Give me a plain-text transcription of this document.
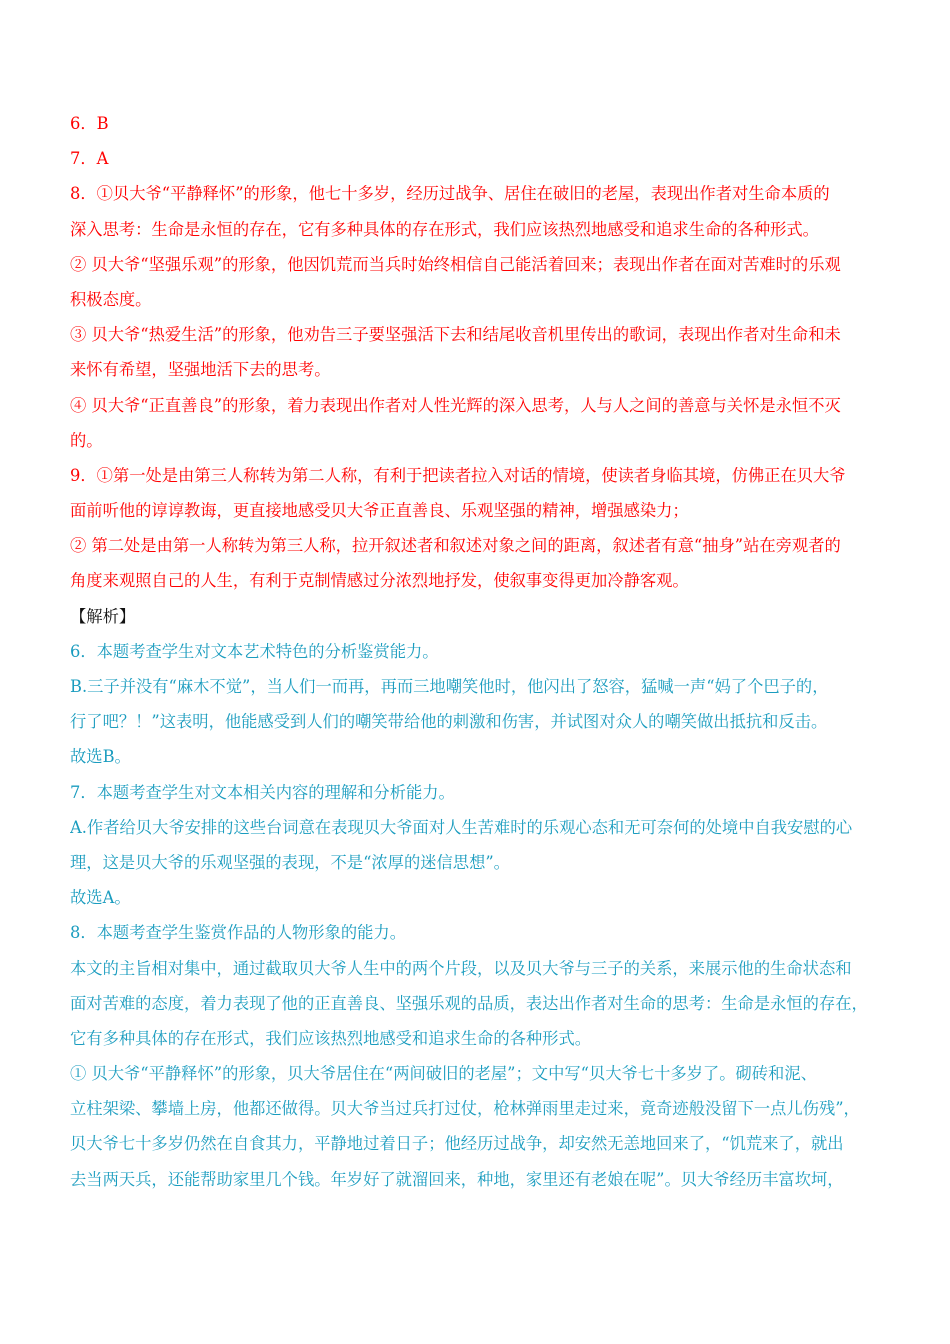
6．B
7．A
8．①贝大爷“平静释怀”的形象，他七十多岁，经历过战争、居住在破旧的老屋，表现出作者对生命本质的
深入思考：生命是永恒的存在，它有多种具体的存在形式，我们应该热烈地感受和追求生命的各种形式。
② 贝大爷“坚强乐观”的形象，他因饥荒而当兵时始终相信自己能活着回来；表现出作者在面对苦难时的乐观
积极态度。
③ 贝大爷“热爱生活”的形象，他劝告三子要坚强活下去和结尾收音机里传出的歌词，表现出作者对生命和未
来怀有希望，坚强地活下去的思考。
④ 贝大爷“正直善良”的形象，着力表现出作者对人性光辉的深入思考，人与人之间的善意与关怀是永恒不灭
的。
9．①第一处是由第三人称转为第二人称，有利于把读者拉入对话的情境，使读者身临其境，仿佛正在贝大爷
面前听他的谆谆教诲，更直接地感受贝大爷正直善良、乐观坚强的精神，增强感染力；
② 第二处是由第一人称转为第三人称，拉开叙述者和叙述对象之间的距离，叙述者有意“抽身”站在旁观者的
角度来观照自己的人生，有利于克制情感过分浓烈地抒发，使叙事变得更加冷静客观。
【解析】
6．本题考查学生对文本艺术特色的分析鉴赏能力。
B.三子并没有“麻木不觉”，当人们一而再，再而三地嘲笑他时，他闪出了怒容，猛喊一声“妈了个巴子的，
行了吧？！”这表明，他能感受到人们的嘲笑带给他的刺激和伤害，并试图对众人的嘲笑做出抵抗和反击。
故选B。
7．本题考查学生对文本相关内容的理解和分析能力。
A.作者给贝大爷安排的这些台词意在表现贝大爷面对人生苦难时的乐观心态和无可奈何的处境中自我安慰的心
理，这是贝大爷的乐观坚强的表现，不是“浓厚的迷信思想”。
故选A。
8．本题考查学生鉴赏作品的人物形象的能力。
本文的主旨相对集中，通过截取贝大爷人生中的两个片段，以及贝大爷与三子的关系，来展示他的生命状态和
面对苦难的态度，着力表现了他的正直善良、坚强乐观的品质，表达出作者对生命的思考：生命是永恒的存在，
它有多种具体的存在形式，我们应该热烈地感受和追求生命的各种形式。
① 贝大爷“平静释怀”的形象，贝大爷居住在“两间破旧的老屋”；文中写“贝大爷七十多岁了。砌砖和泥、
立柱架梁、攀墙上房，他都还做得。贝大爷当过兵打过仗，枪林弹雨里走过来，竟奇迹般没留下一点儿伤残”，
贝大爷七十多岁仍然在自食其力，平静地过着日子；他经历过战争，却安然无恙地回来了，“饥荒来了，就出
去当两天兵，还能帮助家里几个钱。年岁好了就溜回来，种地，家里还有老娘在呢”。贝大爷经历丰富坎坷，
